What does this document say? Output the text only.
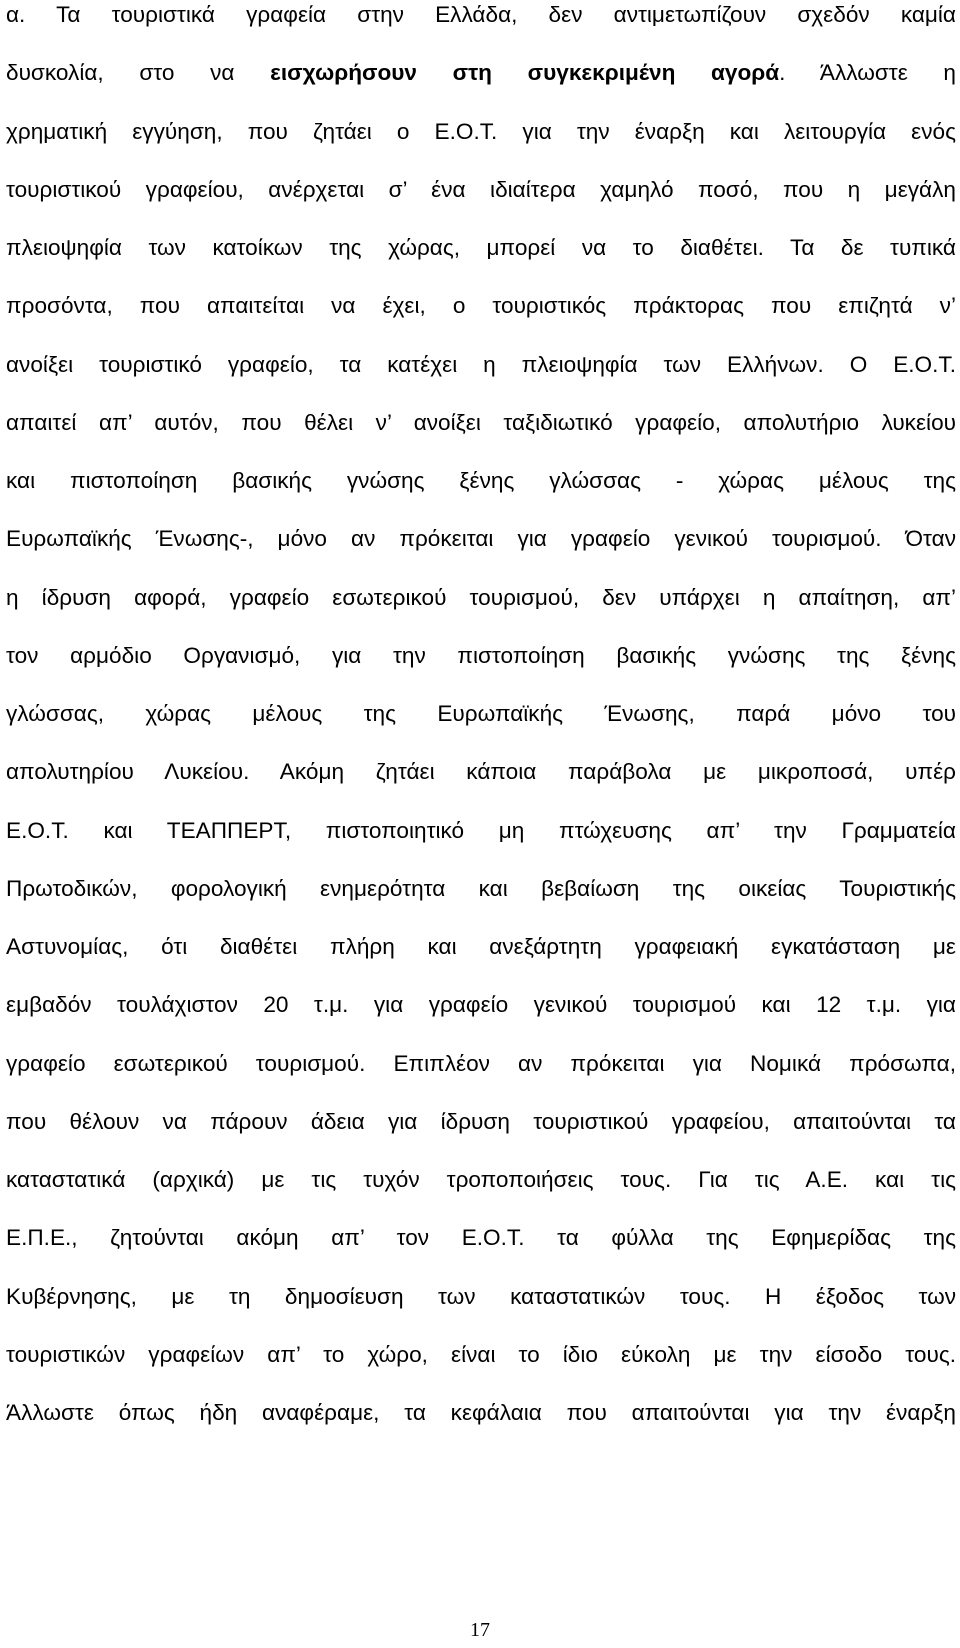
α. Τα τουριστικά γραφεία στην Ελλάδα, δεν αντιμετωπίζουν σχεδόν καμία
δυσκολία, στο να εισχωρήσουν στη συγκεκριμένη αγορά. Άλλωστε η
χρηματική εγγύηση, που ζητάει ο Ε.Ο.Τ. για την έναρξη και λειτουργία ενός
τουριστικού γραφείου, ανέρχεται σ’ ένα ιδιαίτερα χαμηλό ποσό, που η μεγάλη
πλειοψηφία των κατοίκων της χώρας, μπορεί να το διαθέτει. Τα δε τυπικά
προσόντα, που απαιτείται να έχει, ο τουριστικός πράκτορας που επιζητά ν’
ανοίξει τουριστικό γραφείο, τα κατέχει η πλειοψηφία των Ελλήνων. Ο Ε.Ο.Τ.
απαιτεί απ’ αυτόν, που θέλει ν’ ανοίξει ταξιδιωτικό γραφείο, απολυτήριο λυκείου
και πιστοποίηση βασικής γνώσης ξένης γλώσσας - χώρας μέλους της
Ευρωπαϊκής Ένωσης-, μόνο αν πρόκειται για γραφείο γενικού τουρισμού. Όταν
η ίδρυση αφορά, γραφείο εσωτερικού τουρισμού, δεν υπάρχει η απαίτηση, απ’
τον αρμόδιο Οργανισμό, για την πιστοποίηση βασικής γνώσης της ξένης
γλώσσας, χώρας μέλους της Ευρωπαϊκής Ένωσης, παρά μόνο του
απολυτηρίου Λυκείου. Ακόμη ζητάει κάποια παράβολα με μικροποσά, υπέρ
Ε.Ο.Τ. και ΤΕΑΠΠΕΡΤ, πιστοποιητικό μη πτώχευσης απ’ την Γραμματεία
Πρωτοδικών, φορολογική ενημερότητα και βεβαίωση της οικείας Τουριστικής
Αστυνομίας, ότι διαθέτει πλήρη και ανεξάρτητη γραφειακή εγκατάσταση με
εμβαδόν τουλάχιστον 20 τ.μ. για γραφείο γενικού τουρισμού και 12 τ.μ. για
γραφείο εσωτερικού τουρισμού. Επιπλέον αν πρόκειται για Νομικά πρόσωπα,
που θέλουν να πάρουν άδεια για ίδρυση τουριστικού γραφείου, απαιτούνται τα
καταστατικά (αρχικά) με τις τυχόν τροποποιήσεις τους. Για τις Α.Ε. και τις
Ε.Π.Ε., ζητούνται ακόμη απ’ τον Ε.Ο.Τ. τα φύλλα της Εφημερίδας της
Κυβέρνησης, με τη δημοσίευση των καταστατικών τους. Η έξοδος των
τουριστικών γραφείων απ’ το χώρο, είναι το ίδιο εύκολη με την είσοδο τους.
Άλλωστε όπως ήδη αναφέραμε, τα κεφάλαια που απαιτούνται για την έναρξη
17
